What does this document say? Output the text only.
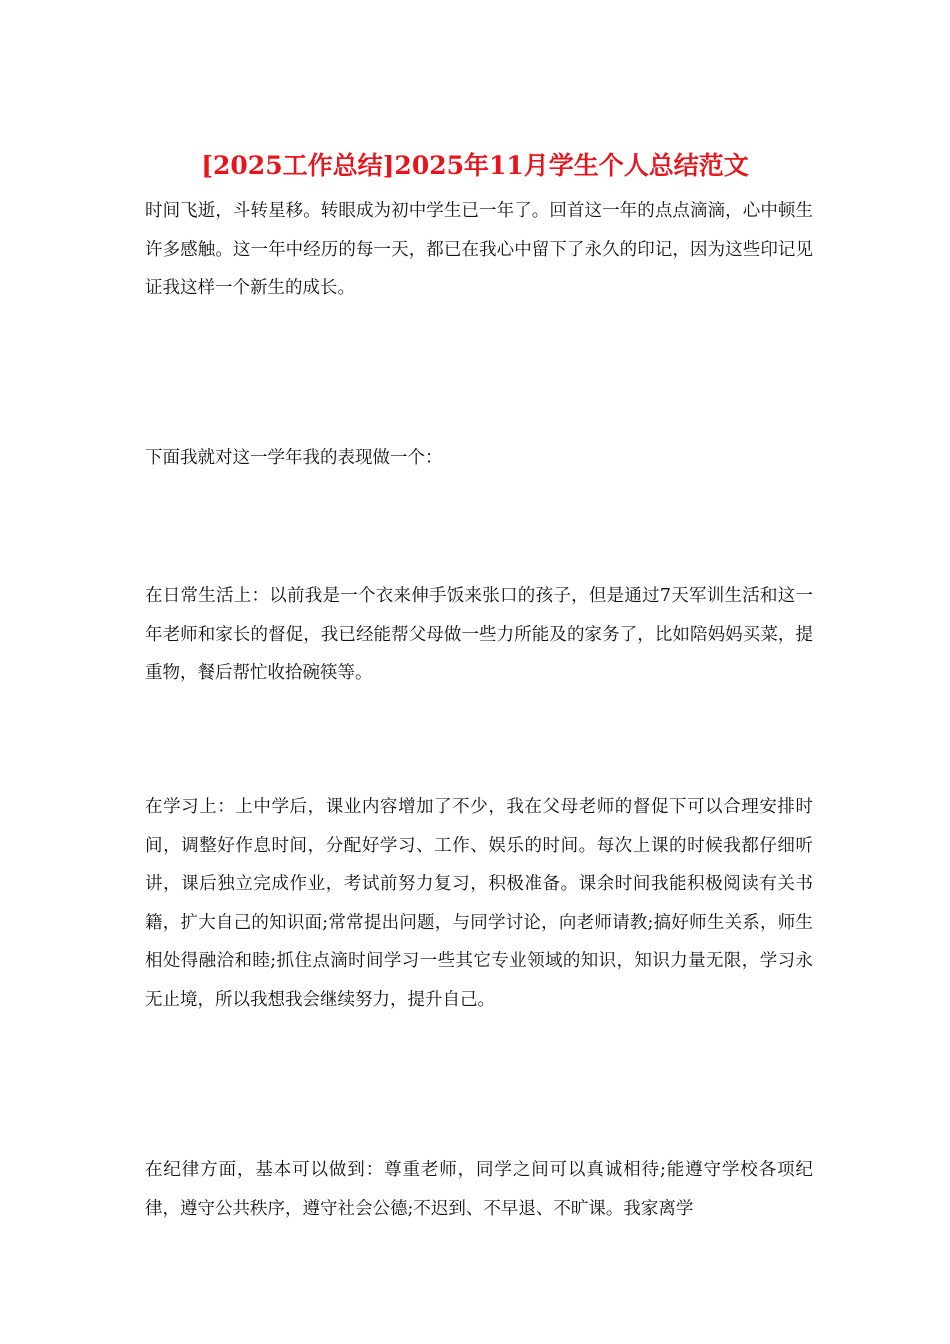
[2025工作总结]2025年11月学生个人总结范文

时间飞逝，斗转星移。转眼成为初中学生已一年了。回首这一年的点点滴滴，心中顿生许多感触。这一年中经历的每一天，都已在我心中留下了永久的印记，因为这些印记见证我这样一个新生的成长。

下面我就对这一学年我的表现做一个：

在日常生活上：以前我是一个衣来伸手饭来张口的孩子，但是通过7天军训生活和这一年老师和家长的督促，我已经能帮父母做一些力所能及的家务了，比如陪妈妈买菜，提重物，餐后帮忙收拾碗筷等。

在学习上：上中学后，课业内容增加了不少，我在父母老师的督促下可以合理安排时间，调整好作息时间，分配好学习、工作、娱乐的时间。每次上课的时候我都仔细听讲，课后独立完成作业，考试前努力复习，积极准备。课余时间我能积极阅读有关书籍，扩大自己的知识面;常常提出问题，与同学讨论，向老师请教;搞好师生关系，师生相处得融洽和睦;抓住点滴时间学习一些其它专业领域的知识，知识力量无限，学习永无止境，所以我想我会继续努力，提升自己。

在纪律方面，基本可以做到：尊重老师，同学之间可以真诚相待;能遵守学校各项纪律，遵守公共秩序，遵守社会公德;不迟到、不早退、不旷课。我家离学
